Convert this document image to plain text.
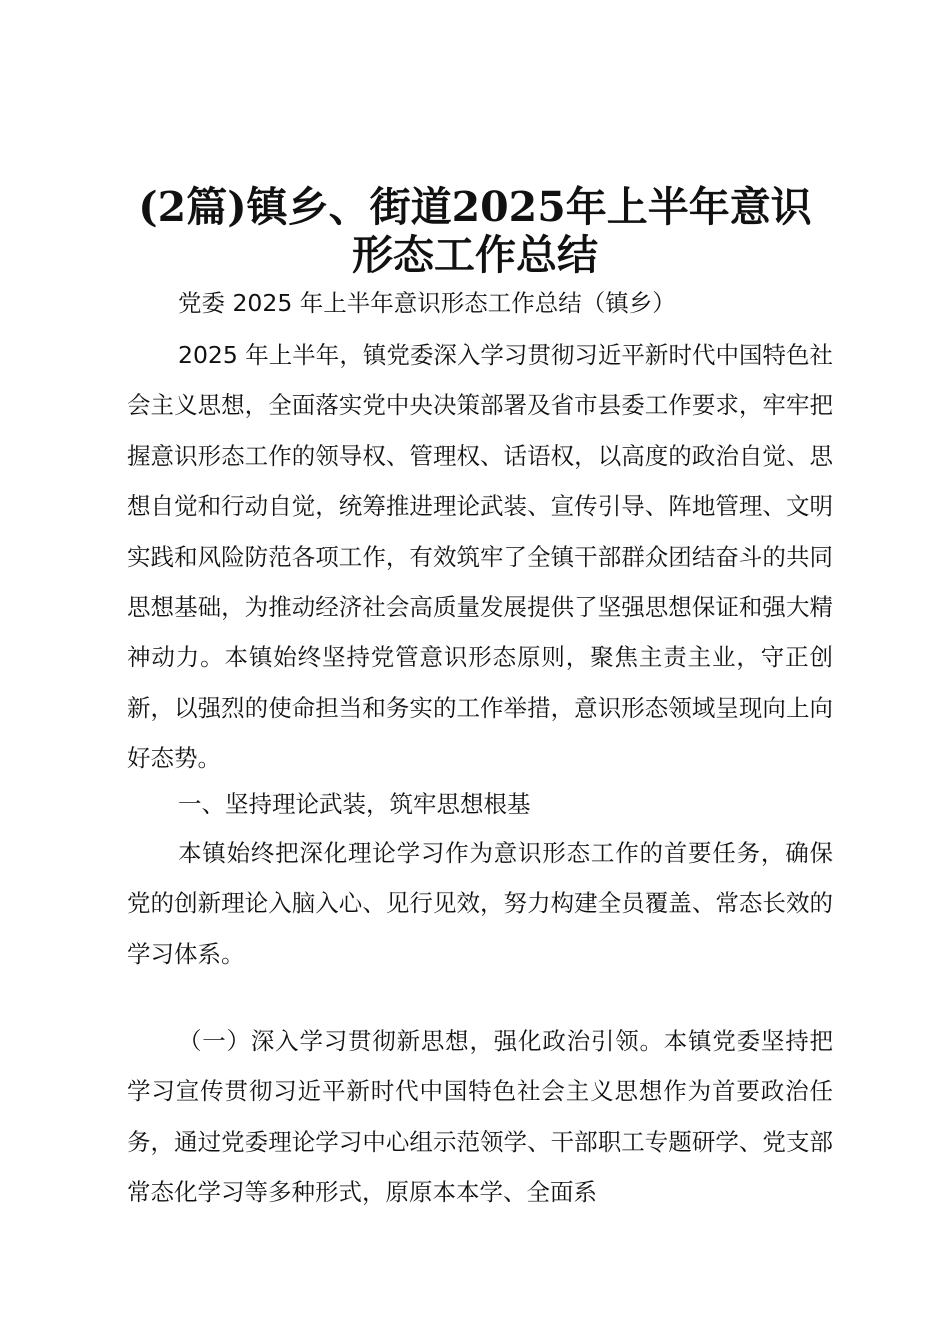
(2篇)镇乡、街道2025年上半年意识
形态工作总结
党委 2025 年上半年意识形态工作总结（镇乡）

2025 年上半年，镇党委深入学习贯彻习近平新时代中国特色社会主义思想，全面落实党中央决策部署及省市县委工作要求，牢牢把握意识形态工作的领导权、管理权、话语权，以高度的政治自觉、思想自觉和行动自觉，统筹推进理论武装、宣传引导、阵地管理、文明实践和风险防范各项工作，有效筑牢了全镇干部群众团结奋斗的共同思想基础，为推动经济社会高质量发展提供了坚强思想保证和强大精神动力。本镇始终坚持党管意识形态原则，聚焦主责主业，守正创新，以强烈的使命担当和务实的工作举措，意识形态领域呈现向上向好态势。

一、坚持理论武装，筑牢思想根基

本镇始终把深化理论学习作为意识形态工作的首要任务，确保党的创新理论入脑入心、见行见效，努力构建全员覆盖、常态长效的学习体系。

（一）深入学习贯彻新思想，强化政治引领。本镇党委坚持把学习宣传贯彻习近平新时代中国特色社会主义思想作为首要政治任务，通过党委理论学习中心组示范领学、干部职工专题研学、党支部常态化学习等多种形式，原原本本学、全面系
